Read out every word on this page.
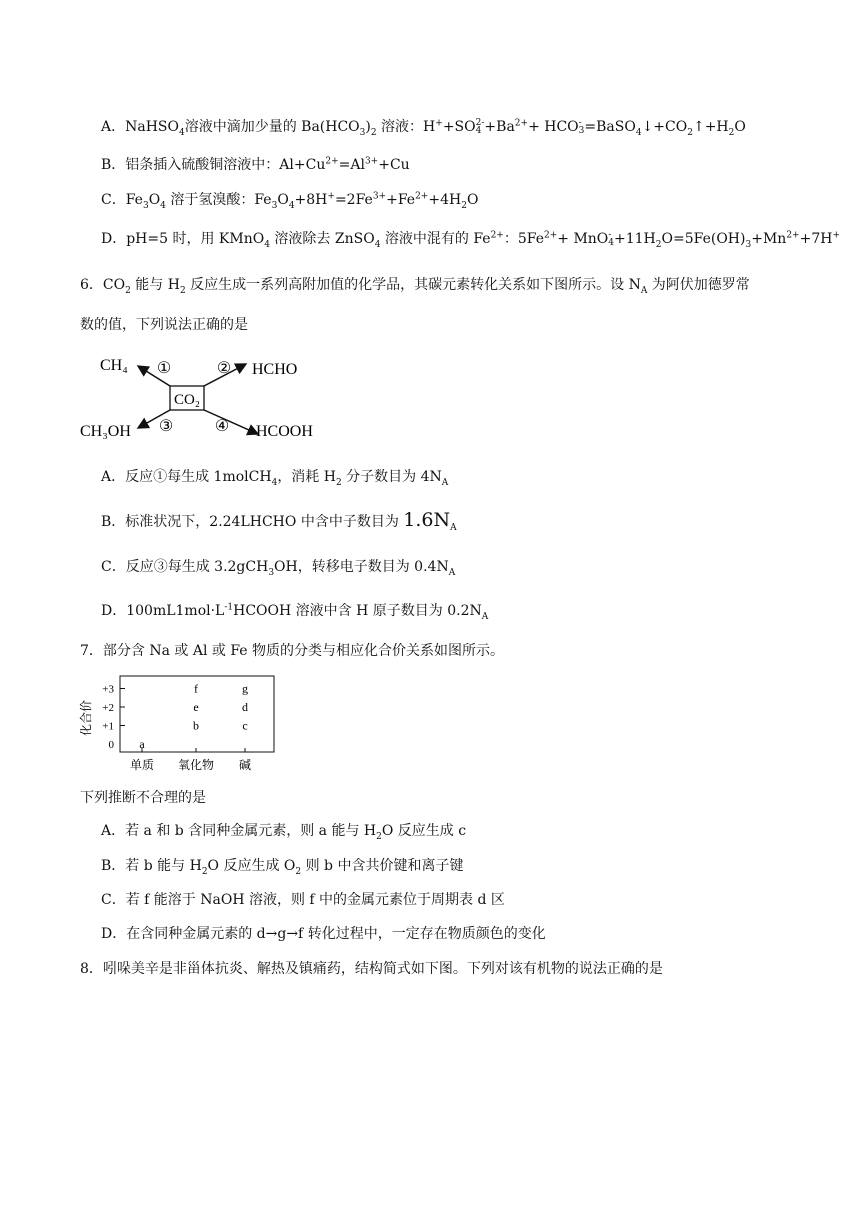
A．NaHSO$_4$溶液中滴加少量的 $Ba(HCO_3)_2$ 溶液：H++SO 2-
$4 +Ba^{2+}+$ HCO -
$3 =BaSO_4↓+CO_2↑+H_2O$
B．铝条插入硫酸铜溶液中：$Al+Cu^{2+}=Al^{3+}+Cu$
C．$Fe_3O_4$ 溶于氢溴酸：$Fe_3O_4+8H^+=2Fe^{3+}+Fe^{2+}+4H_2O$
D．pH=5 时，用 KMnO$_4$ 溶液除去 ZnSO$_4$ 溶液中混有的 $Fe^{2+}$：$5Fe^{2+}+$ MnO -
$4 +11H_2O=5Fe(OH)_3+Mn^{2+}+7H^+$
6．$CO_2$ 能与 $H_2$ 反应生成一系列高附加值的化学品，其碳元素转化关系如下图所示。设 $N_A$ 为阿伏加德罗常
数的值，下列说法正确的是
CO₂
①	②
③	④
CH₄	HCHO
CH₃OH	HCOOH
A．反应①每生成 1molCH$_4$，消耗 $H_2$ 分子数目为 $4N_A$
B．标准状况下，2.24LHCHO 中含中子数目为 $1.6N_A$
C．反应③每生成 3.2gCH$_3$OH，转移电子数目为 $0.4N_A$
D．$100mL1mol\cdot L^{-1}HCOOH$ 溶液中含 H 原子数目为 $0.2N_A$
7．部分含 Na 或 Al 或 Fe 物质的分类与相应化合价关系如图所示。
化合价
+3
+2
+1
0 a
b
e
f
c
d
g
单质 氧化物 碱
下列推断不合理的是
A．若 a 和 b 含同种金属元素，则 a 能与 $H_2O$ 反应生成 c
B．若 b 能与 $H_2O$ 反应生成 $O_2$ 则 b 中含共价键和离子键
C．若 f 能溶于 NaOH 溶液，则 f 中的金属元素位于周期表 d 区
D．在含同种金属元素的 d→g→f 转化过程中，一定存在物质颜色的变化
8．吲哚美辛是非甾体抗炎、解热及镇痛药，结构简式如下图。下列对该有机物的说法正确的是
